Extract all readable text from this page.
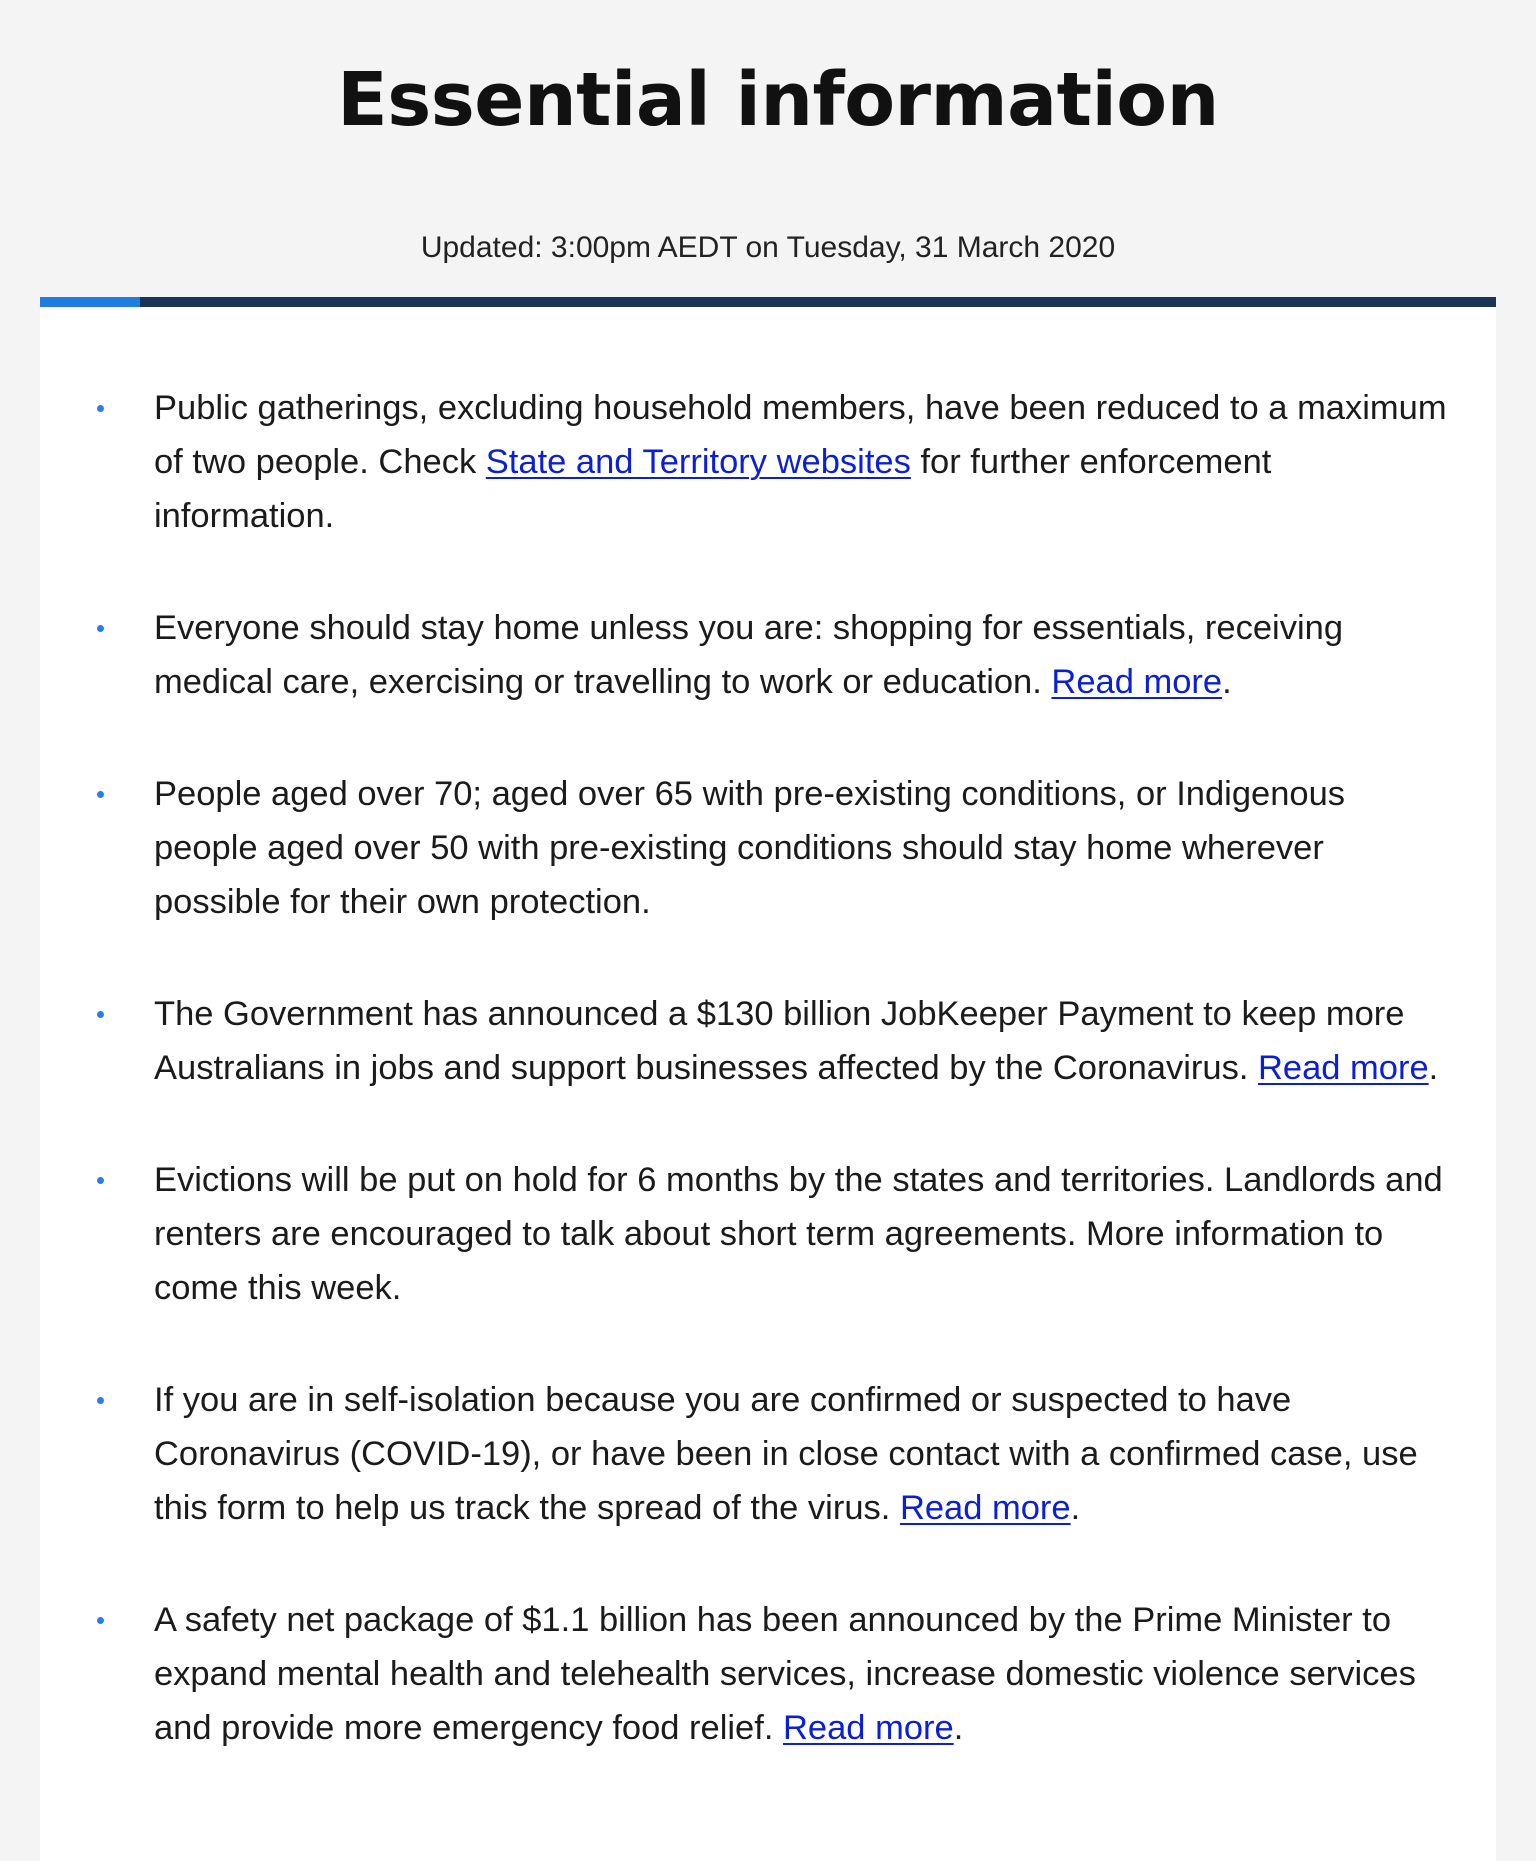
Essential information
Updated: 3:00pm AEDT on Tuesday, 31 March 2020
Public gatherings, excluding household members, have been reduced to a maximum of two people. Check State and Territory websites for further enforcement information.
Everyone should stay home unless you are: shopping for essentials, receiving medical care, exercising or travelling to work or education. Read more.
People aged over 70; aged over 65 with pre-existing conditions, or Indigenous people aged over 50 with pre-existing conditions should stay home wherever possible for their own protection.
The Government has announced a $130 billion JobKeeper Payment to keep more Australians in jobs and support businesses affected by the Coronavirus. Read more.
Evictions will be put on hold for 6 months by the states and territories. Landlords and renters are encouraged to talk about short term agreements. More information to come this week.
If you are in self-isolation because you are confirmed or suspected to have Coronavirus (COVID-19), or have been in close contact with a confirmed case, use this form to help us track the spread of the virus. Read more.
A safety net package of $1.1 billion has been announced by the Prime Minister to expand mental health and telehealth services, increase domestic violence services and provide more emergency food relief. Read more.
